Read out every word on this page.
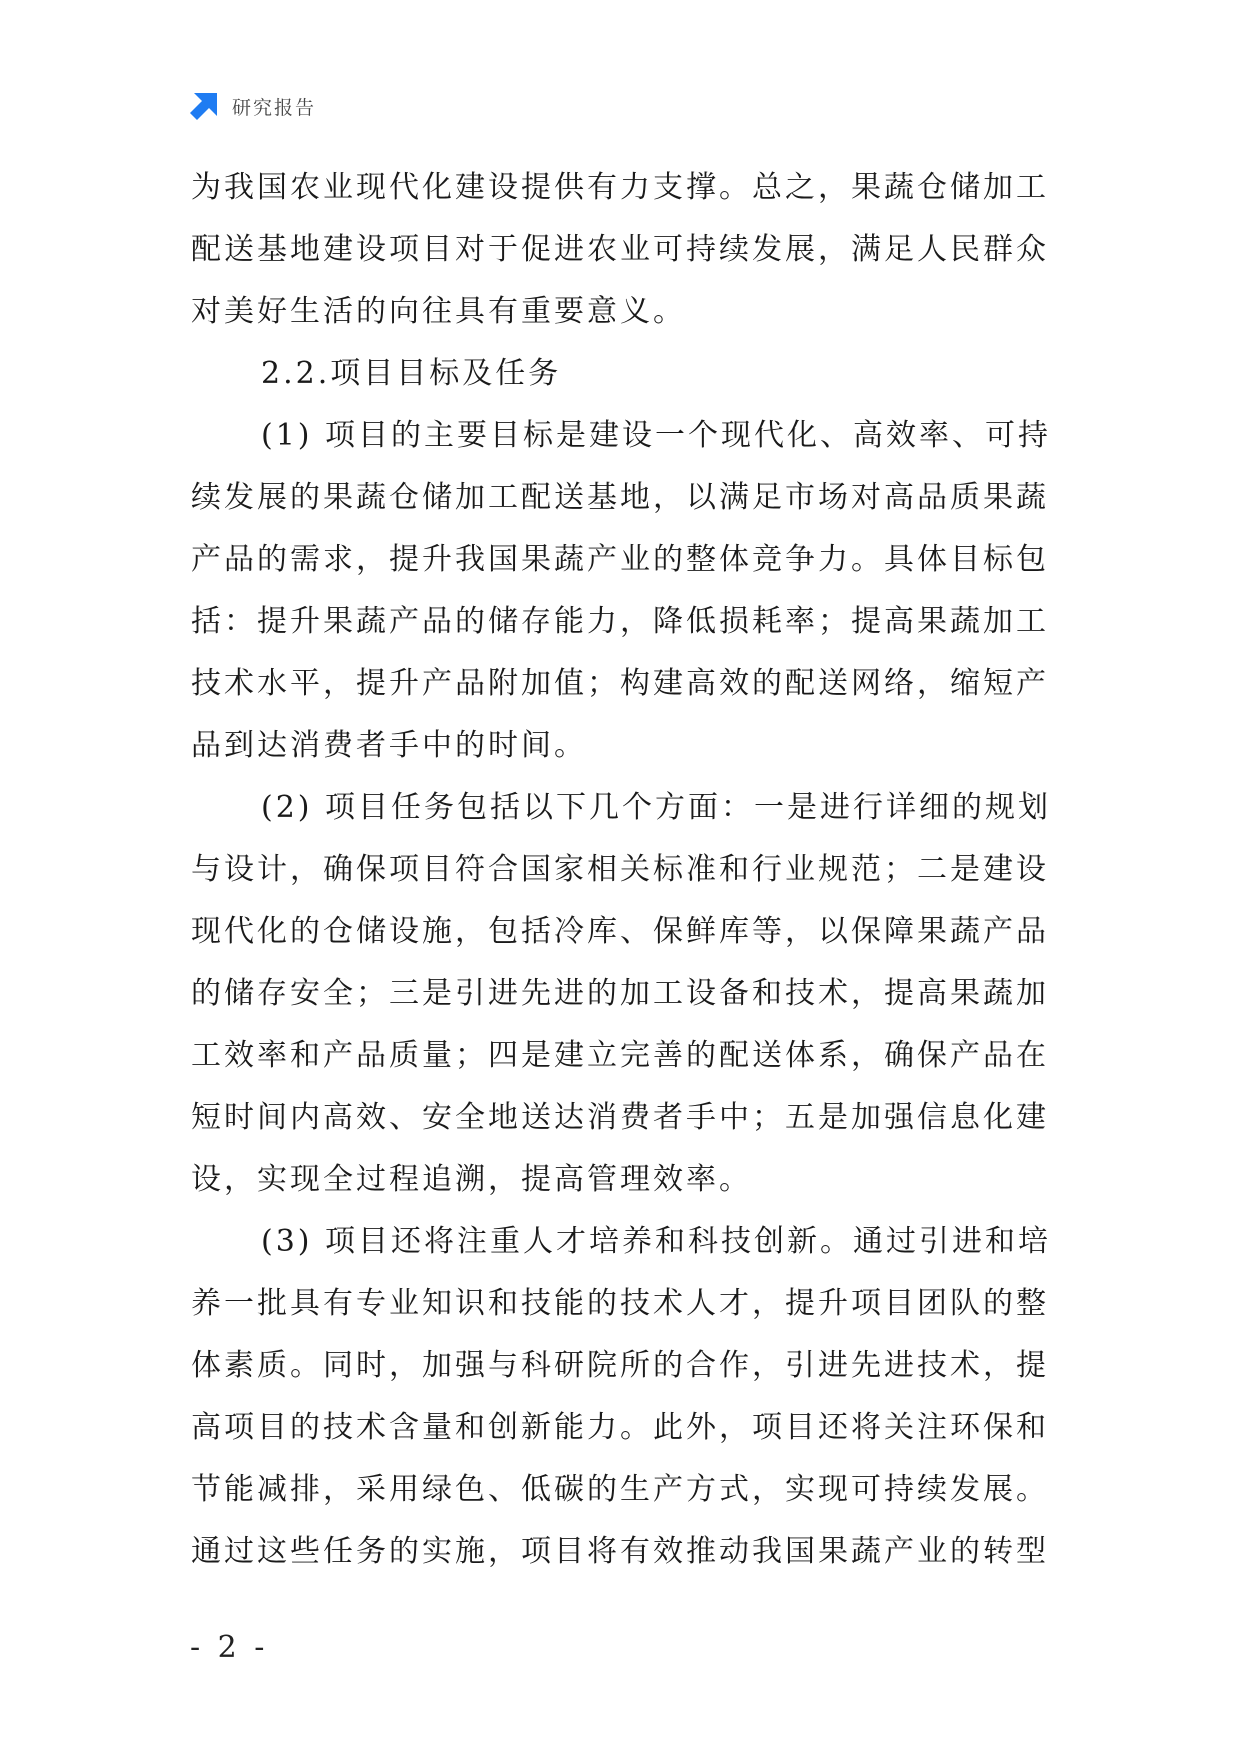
研究报告
为我国农业现代化建设提供有力支撑。总之，果蔬仓储加工
配送基地建设项目对于促进农业可持续发展，满足人民群众
对美好生活的向往具有重要意义。
2.2.项目目标及任务
(1) 项目的主要目标是建设一个现代化、高效率、可持
续发展的果蔬仓储加工配送基地，以满足市场对高品质果蔬
产品的需求，提升我国果蔬产业的整体竞争力。具体目标包
括：提升果蔬产品的储存能力，降低损耗率；提高果蔬加工
技术水平，提升产品附加值；构建高效的配送网络，缩短产
品到达消费者手中的时间。
(2) 项目任务包括以下几个方面：一是进行详细的规划
与设计，确保项目符合国家相关标准和行业规范；二是建设
现代化的仓储设施，包括冷库、保鲜库等，以保障果蔬产品
的储存安全；三是引进先进的加工设备和技术，提高果蔬加
工效率和产品质量；四是建立完善的配送体系，确保产品在
短时间内高效、安全地送达消费者手中；五是加强信息化建
设，实现全过程追溯，提高管理效率。
(3) 项目还将注重人才培养和科技创新。通过引进和培
养一批具有专业知识和技能的技术人才，提升项目团队的整
体素质。同时，加强与科研院所的合作，引进先进技术，提
高项目的技术含量和创新能力。此外，项目还将关注环保和
节能减排，采用绿色、低碳的生产方式，实现可持续发展。
通过这些任务的实施，项目将有效推动我国果蔬产业的转型
- 2 -
